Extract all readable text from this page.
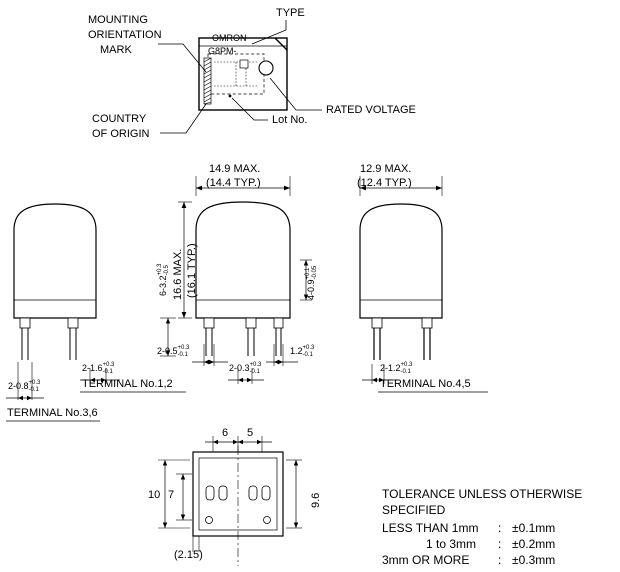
MOUNTING
ORIENTATION
MARK
TYPE
RATED VOLTAGE
COUNTRY
OF ORIGIN
Lot No.
OMRON
G8PM-
14.9 MAX.
(14.4 TYP.)
16.6 MAX. (16.1 TYP.)
6-3.2
+0.3 -0.5
4-0.9
+0.1 -0.05
2-0.5 +0.3
-0.1	1.2 +0.3
-0.1
2-1.6 +0.3
-0.1	2-0.3 +0.3
-0.1
TERMINAL No.1,2
2-0.8 +0.3
-0.1
TERMINAL No.3,6
12.9 MAX.
(12.4 TYP.)
2-1.2 +0.3
-0.1
TERMINAL No.4,5
6 5
10 7	9.6
(2.15)
TOLERANCE UNLESS OTHERWISE
SPECIFIED
LESS THAN 1mm : ±0.1mm
1 to 3mm : ±0.2mm
3mm OR MORE : ±0.3mm
